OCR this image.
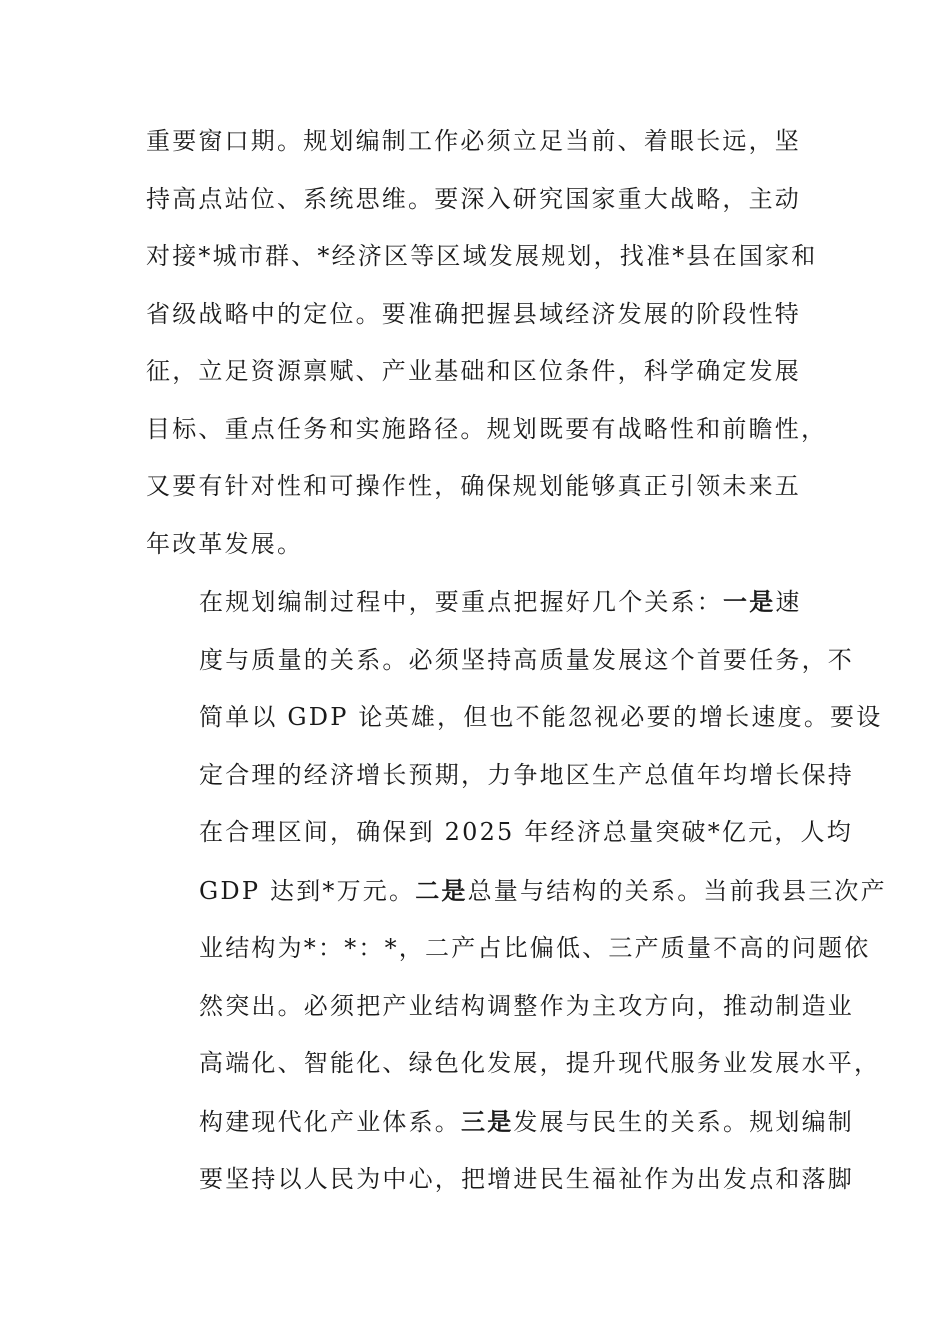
重要窗口期。规划编制工作必须立足当前、着眼长远，坚
持高点站位、系统思维。要深入研究国家重大战略，主动
对接*城市群、*经济区等区域发展规划，找准*县在国家和
省级战略中的定位。要准确把握县域经济发展的阶段性特
征，立足资源禀赋、产业基础和区位条件，科学确定发展
目标、重点任务和实施路径。规划既要有战略性和前瞻性，
又要有针对性和可操作性，确保规划能够真正引领未来五
年改革发展。

在规划编制过程中，要重点把握好几个关系：一是速
度与质量的关系。必须坚持高质量发展这个首要任务，不
简单以 GDP 论英雄，但也不能忽视必要的增长速度。要设
定合理的经济增长预期，力争地区生产总值年均增长保持
在合理区间，确保到 2025 年经济总量突破*亿元，人均
GDP 达到*万元。二是总量与结构的关系。当前我县三次产
业结构为*：*：*，二产占比偏低、三产质量不高的问题依
然突出。必须把产业结构调整作为主攻方向，推动制造业
高端化、智能化、绿色化发展，提升现代服务业发展水平，
构建现代化产业体系。三是发展与民生的关系。规划编制
要坚持以人民为中心，把增进民生福祉作为出发点和落脚
